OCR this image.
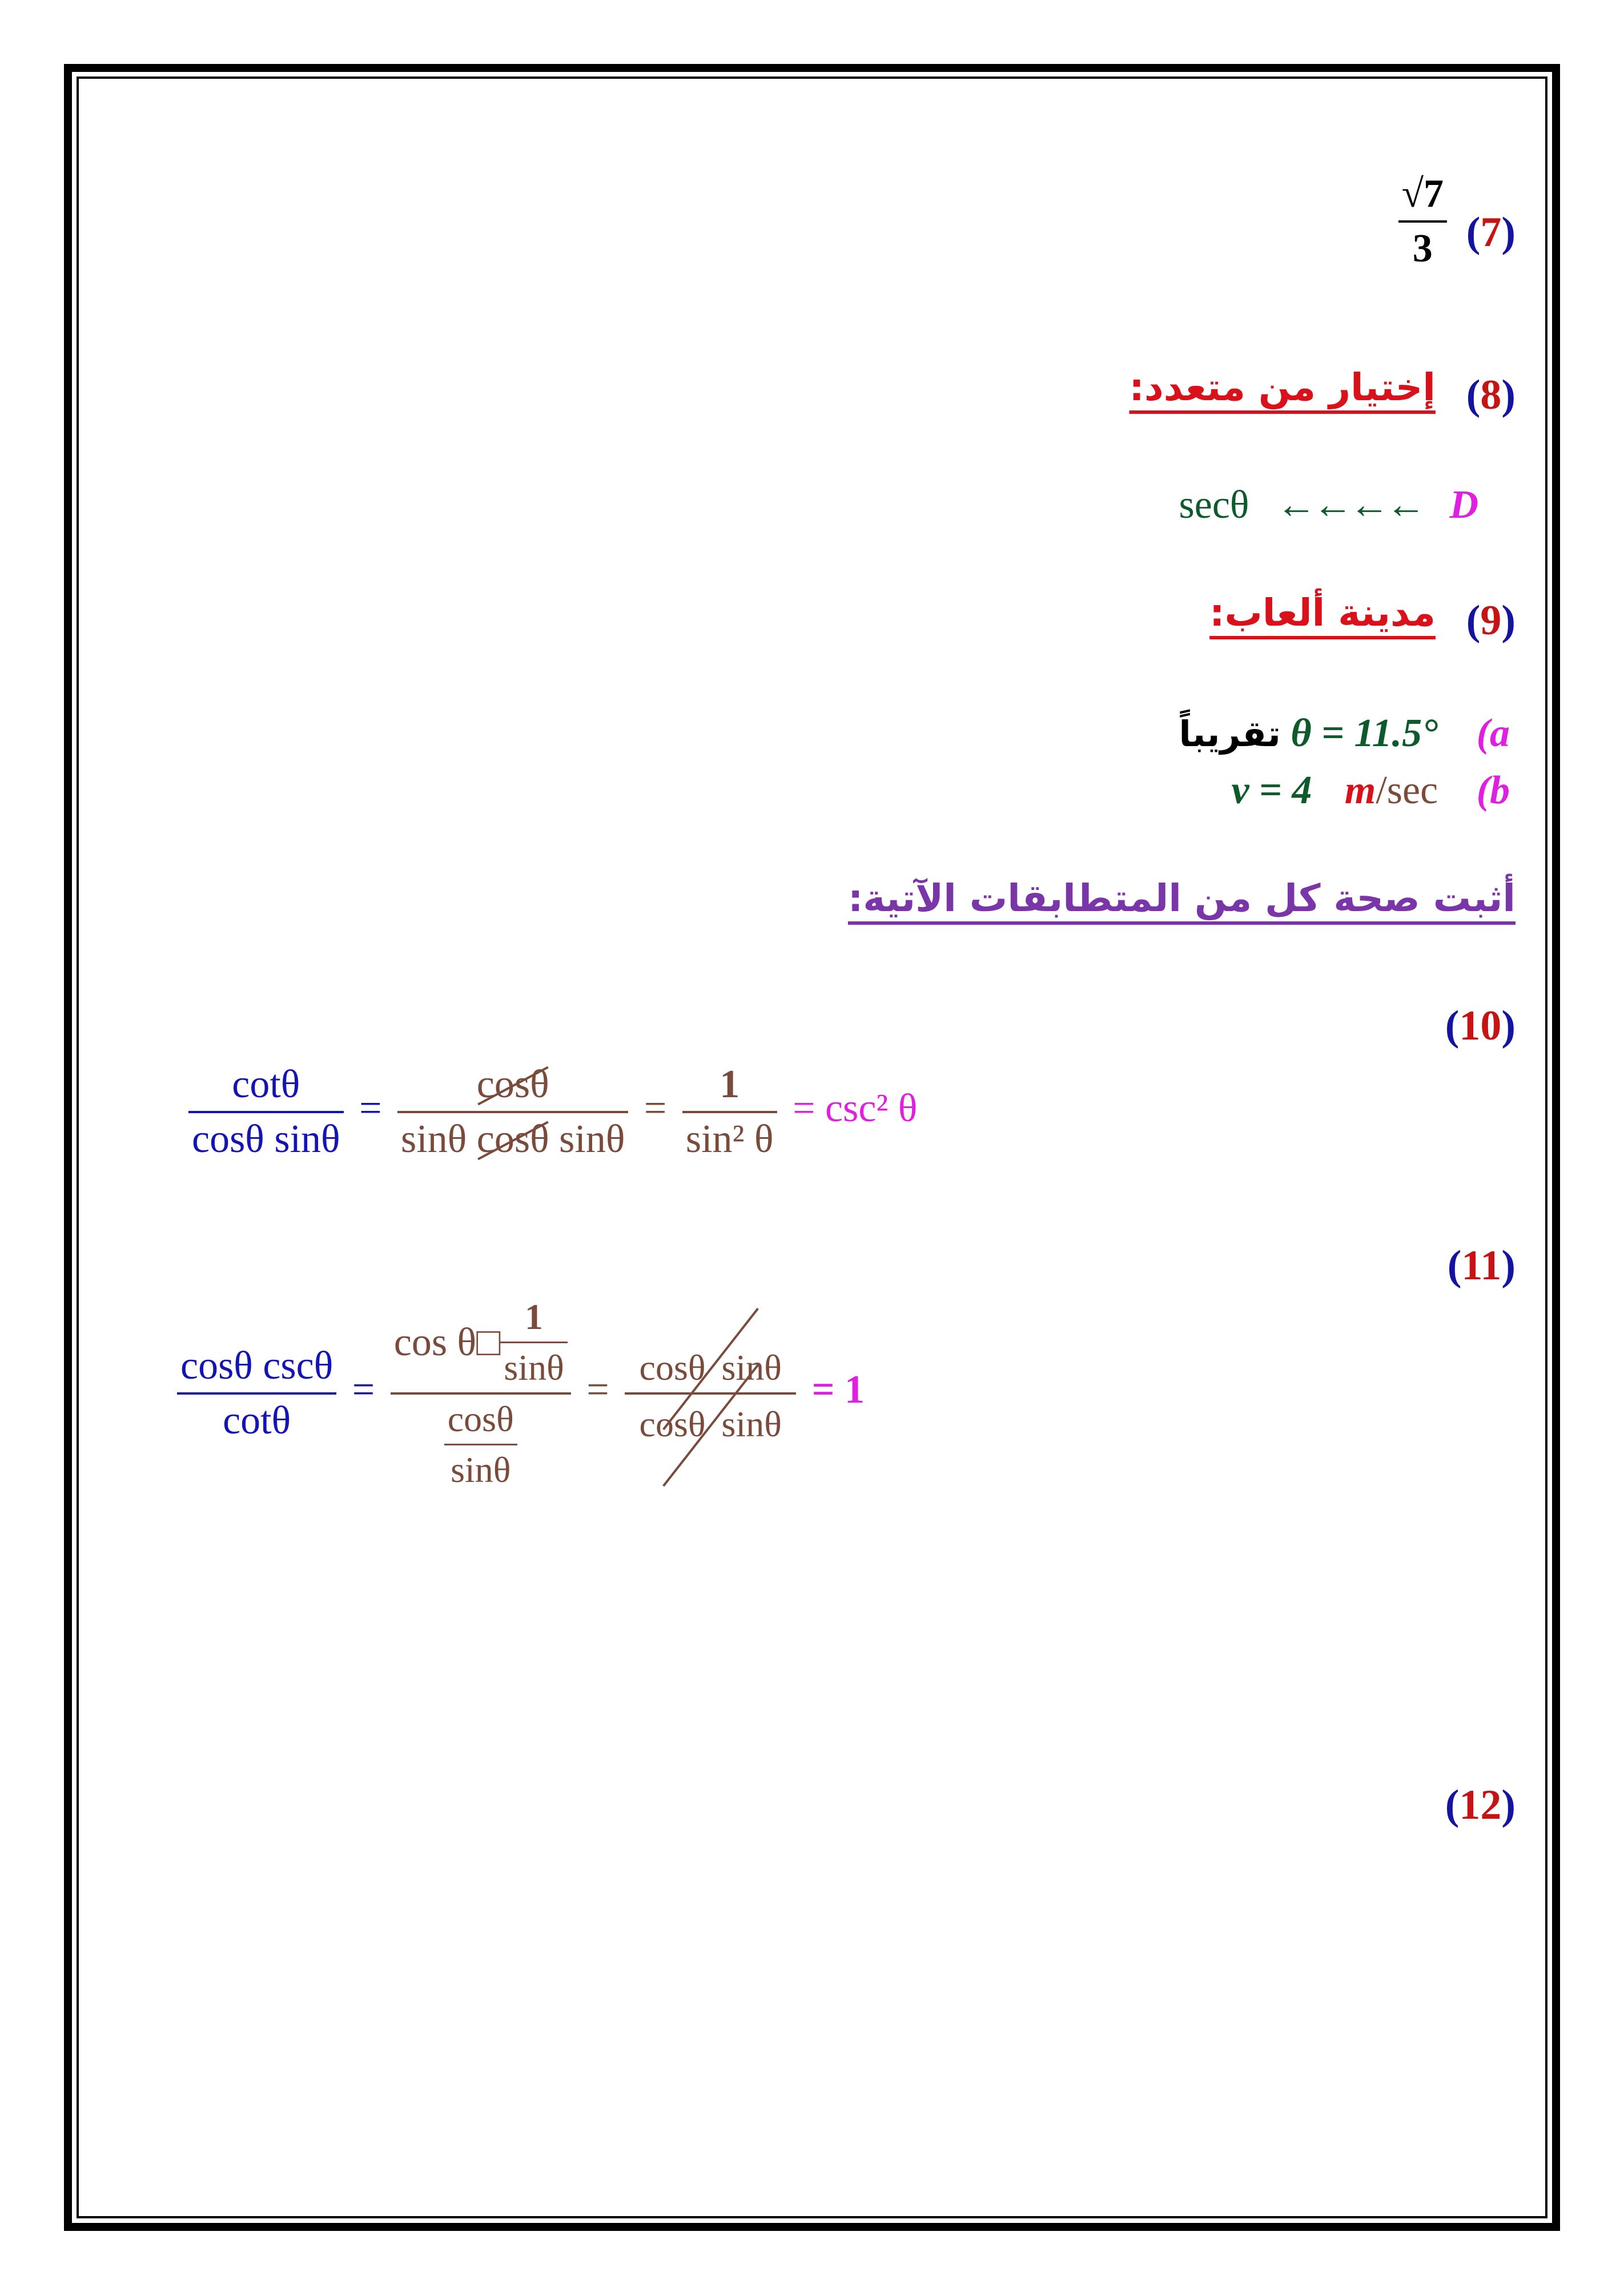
(7)
$\frac{√7}{3}$
(8)
إختيار من متعدد:
secθ ←←←← D
(9)
مدينة ألعاب:
تقريباً θ = 11.5° (a
v = 4 m/sec (b
أثبت صحة كل من المتطابقات الآتية:
(10)
$\frac{\cot\theta}{\text{cosθ sinθ}} = \frac{\cos\theta}{\text{sinθ cosθ sinθ}} = \frac{1}{\text{sin² θ}} = \csc^2$ θ
(11)
$\frac{\text{cosθ cscθ}}{\cot\theta} = \frac{\cos \theta□ \frac{1}{\sin\theta}}{\frac{\cos\theta}{\sin\theta}} = \frac{\text{cosθ sinθ}}{\text{cosθ sinθ}} = 1$
(12)
